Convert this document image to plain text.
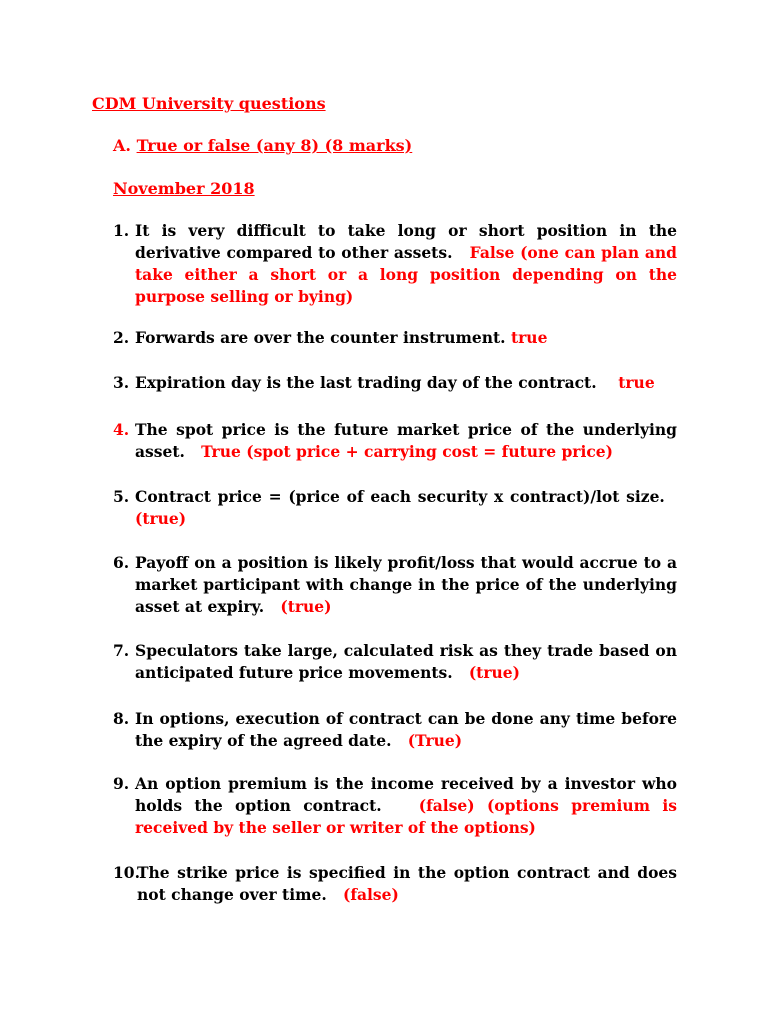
CDM University questions
A. True or false (any 8) (8 marks)
November 2018
1. It is very difficult to take long or short position in the derivative compared to other assets. False (one can plan and take either a short or a long position depending on the purpose selling or bying)
2. Forwards are over the counter instrument. true
3. Expiration day is the last trading day of the contract. true
4. The spot price is the future market price of the underlying asset. True (spot price + carrying cost = future price)
5. Contract price = (price of each security x contract)/lot size.   (true)
6. Payoff on a position is likely profit/loss that would accrue to a market participant with change in the price of the underlying asset at expiry. (true)
7. Speculators take large, calculated risk as they trade based on anticipated future price movements. (true)
8. In options, execution of contract can be done any time before the expiry of the agreed date. (True)
9. An option premium is the income received by a investor who holds the option contract. (false) (options premium is received by the seller or writer of the options)
10.
The strike price is specified in the option contract and does not change over time. (false)
